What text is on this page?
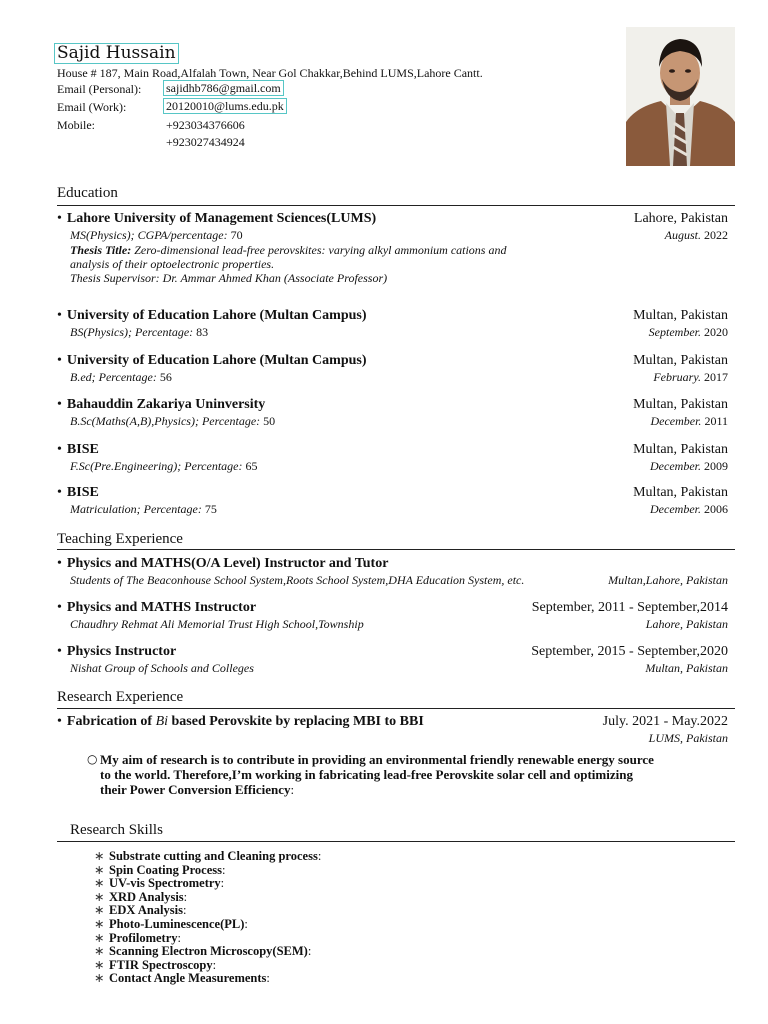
Sajid Hussain
House # 187, Main Road,Alfalah Town, Near Gol Chakkar,Behind LUMS,Lahore Cantt.
Email (Personal): sajidhb786@gmail.com
Email (Work):	20120010@lums.edu.pk
Mobile:	+923034376606
+923027434924
Education
• Lahore University of Management Sciences(LUMS)	Lahore, Pakistan
MS(Physics); CGPA/percentage: 70	August. 2022
Thesis Title: Zero-dimensional lead-free perovskites: varying alkyl ammonium cations and
analysis of their optoelectronic properties.
Thesis Supervisor: Dr. Ammar Ahmed Khan (Associate Professor)
• University of Education Lahore (Multan Campus)	Multan, Pakistan
BS(Physics); Percentage: 83	September. 2020
• University of Education Lahore (Multan Campus)	Multan, Pakistan
B.ed; Percentage: 56	February. 2017
• Bahauddin Zakariya Uninversity	Multan, Pakistan
B.Sc(Maths(A,B),Physics); Percentage: 50	December. 2011
• BISE	Multan, Pakistan
F.Sc(Pre.Engineering); Percentage: 65	December. 2009
• BISE	Multan, Pakistan
Matriculation; Percentage: 75	December. 2006
Teaching Experience
• Physics and MATHS(O/A Level) Instructor and Tutor
Students of The Beaconhouse School System,Roots School System,DHA Education System, etc.	Multan,Lahore, Pakistan
• Physics and MATHS Instructor	September, 2011 - September,2014
Chaudhry Rehmat Ali Memorial Trust High School,Township	Lahore, Pakistan
• Physics Instructor	September, 2015 - September,2020
Nishat Group of Schools and Colleges	Multan, Pakistan
Research Experience
• Fabrication of Bi based Perovskite by replacing MBI to BBI	July. 2021 - May.2022
LUMS, Pakistan
○ My aim of research is to contribute in providing an environmental friendly renewable energy source
to the world. Therefore,I’m working in fabricating lead-free Perovskite solar cell and optimizing
their Power Conversion Efficiency:
Research Skills
∗ Substrate cutting and Cleaning process:
∗ Spin Coating Process:
∗ UV-vis Spectrometry:
∗ XRD Analysis:
∗ EDX Analysis:
∗ Photo-Luminescence(PL):
∗ Profilometry:
∗ Scanning Electron Microscopy(SEM):
∗ FTIR Spectroscopy:
∗ Contact Angle Measurements:
